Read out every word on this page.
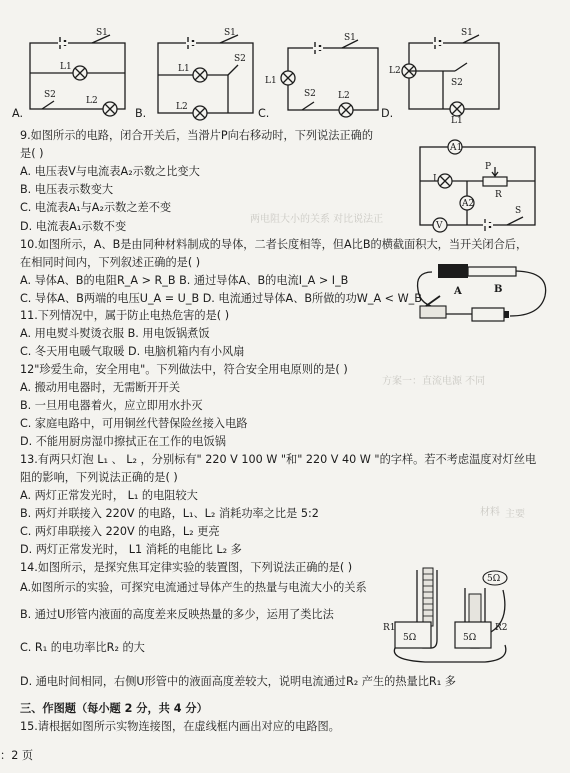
两电阻大小的关系 对比说法正
方案一：直流电源 不同
材料 主要
S1
L1
S2
L2
A.
S1
L1
S2
L2
B.
S1
L1
S2 L2
C.
S1
L2
S2
L1
D.
9.如图所示的电路，闭合开关后，当滑片P向右移动时，下列说法正确的
是( )
A. 电压表V与电流表A₂示数之比变大
B. 电压表示数变大
C. 电流表A₁与A₂示数之差不变
D. 电流表A₁示数不变
A1
L
P
R
A2
V
S
10.如图所示，A、B是由同种材料制成的导体，二者长度相等，但A比B的横截面积大，当开关闭合后，
在相同时间内，下列叙述正确的是( )
A. 导体A、B的电阻R_A > R_B B. 通过导体A、B的电流I_A > I_B
C. 导体A、B两端的电压U_A = U_B D. 电流通过导体A、B所做的功W_A < W_B
A	B
11.下列情况中，属于防止电热危害的是( )
A. 用电熨斗熨烫衣服 B. 用电饭锅煮饭
C. 冬天用电暖气取暖 D. 电脑机箱内有小风扇
12"珍爱生命，安全用电"。下列做法中，符合安全用电原则的是( )
A. 搬动用电器时，无需断开开关
B. 一旦用电器着火，应立即用水扑灭
C. 家庭电路中，可用铜丝代替保险丝接入电路
D. 不能用厨房湿巾擦拭正在工作的电饭锅
13.有两只灯泡 L₁ 、 L₂ ，分别标有" 220 V 100 W "和" 220 V 40 W "的字样。若不考虑温度对灯丝电
阻的影响，下列说法正确的是( )
A. 两灯正常发光时， L₁ 的电阻较大
B. 两灯并联接入 220V 的电路，L₁、L₂ 消耗功率之比是 5:2
C. 两灯串联接入 220V 的电路，L₂ 更亮
D. 两灯正常发光时， L1 消耗的电能比 L₂ 多
14.如图所示，是探究焦耳定律实验的装置图，下列说法正确的是( )
A.如图所示的实验，可探究电流通过导体产生的热量与电流大小的关系
B. 通过U形管内液面的高度差来反映热量的多少，运用了类比法
C. R₁ 的电功率比R₂ 的大
D. 通电时间相同，右侧U形管中的液面高度差较大，说明电流通过R₂ 产生的热量比R₁ 多
5Ω
R1
5Ω
R2
5Ω
三、作图题（每小题 2 分，共 4 分）
15.请根据如图所示实物连接图，在虚线框内画出对应的电路图。
：2 页
